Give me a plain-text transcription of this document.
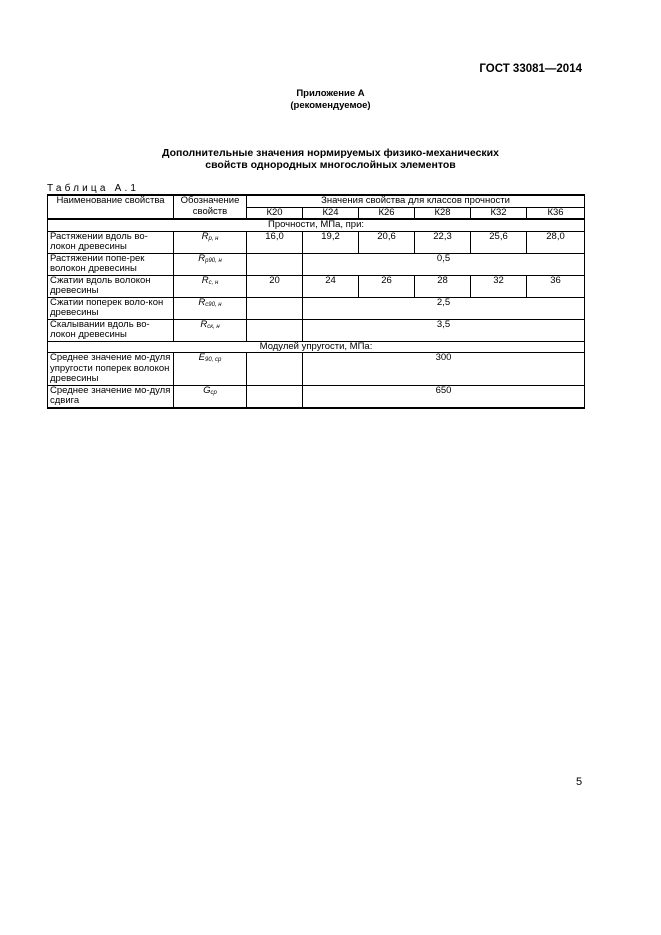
ГОСТ 33081—2014
Приложение А
(рекомендуемое)
Дополнительные значения нормируемых физико-механических
свойств однородных многослойных элементов
Таблица А.1
Наименование свойства	Обозначение свойств	Значения свойства для классов прочности					
		К20	К24	К26	К28	К32	К36
Прочности, МПа, при:							
Растяжении вдоль во-локон древесины	$R_{р, н}$	16,0	19,2	20,6	22,3	25,6	28,0
Растяжении попе-рек волокон древесины	$R_{р90, н}$		0,5				
Сжатии вдоль волокон древесины	$R_{с, н}$	20	24	26	28	32	36
Сжатии поперек воло-кон древесины	$R_{с90, н}$		2,5				
Скалывании вдоль во-локон древесины	$R_{ск, н}$		3,5				
Модулей упругости, МПа:							
Среднее значение мо-дуля упругости поперек волокон древесины	$E_{90, ср}$		300				
Среднее значение мо-дуля сдвига	$G_{ср}$		650				
5
